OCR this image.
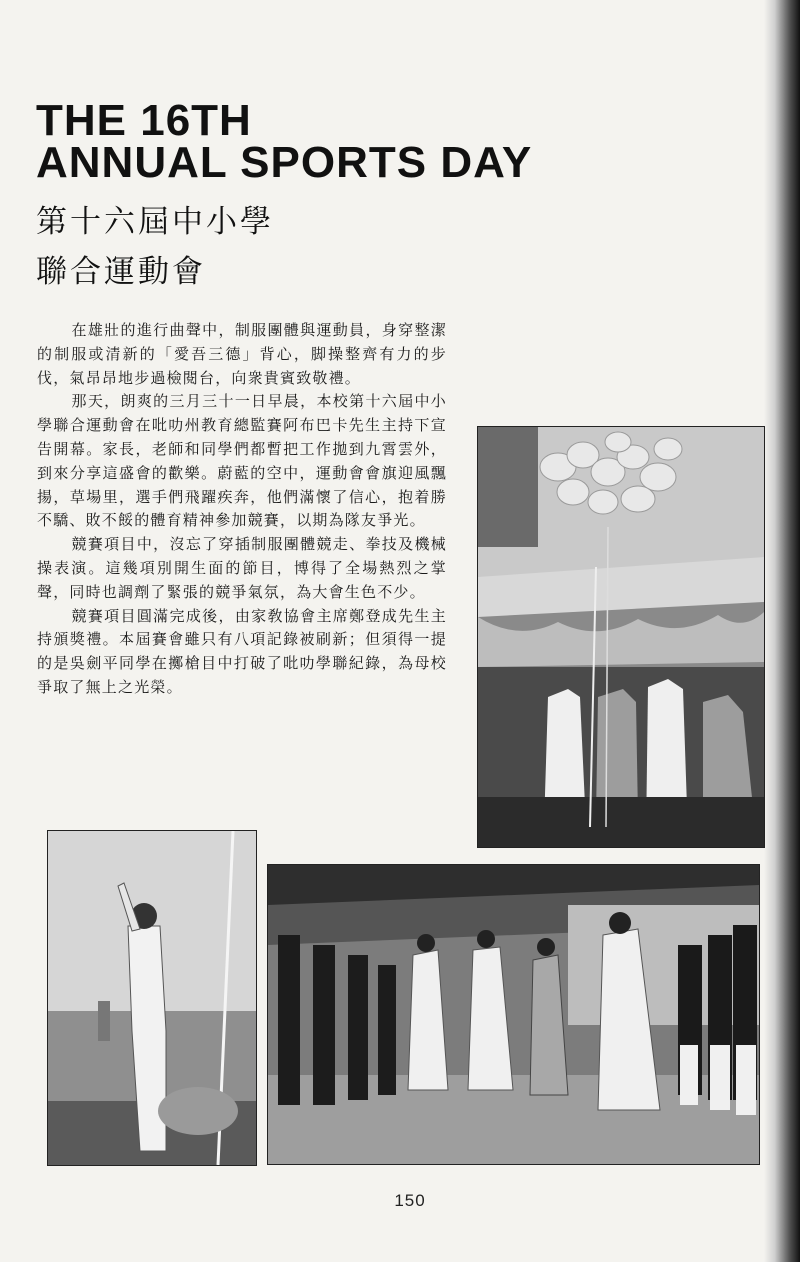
THE 16TH
ANNUAL SPORTS DAY
第十六屆中小學
聯合運動會

在雄壯的進行曲聲中，制服團體與運動員，身穿整潔的制服或清新的「愛吾三德」背心，脚操整齊有力的步伐，氣昂昂地步過檢閱台，向衆貴賓致敬禮。

那天，朗爽的三月三十一日早晨，本校第十六屆中小學聯合運動會在吡叻州教育總監賽阿布巴卡先生主持下宣告開幕。家長，老師和同學們都暫把工作拋到九霄雲外，到來分享這盛會的歡樂。蔚藍的空中，運動會會旗迎風飄揚，草場里，選手們飛躍疾奔，他們滿懷了信心，抱着勝不驕、敗不餒的體育精神參加競賽，以期為隊友爭光。

競賽項目中，沒忘了穿插制服團體競走、拳技及機械操表演。這幾項別開生面的節目，博得了全場熱烈之掌聲，同時也調劑了緊張的競爭氣氛，為大會生色不少。

競賽項目圓滿完成後，由家敎協會主席鄭登成先生主持頒獎禮。本屆賽會雖只有八項記錄被刷新；但須得一提的是吳劍平同學在擲槍目中打破了吡叻學聯紀錄，為母校爭取了無上之光榮。

150
